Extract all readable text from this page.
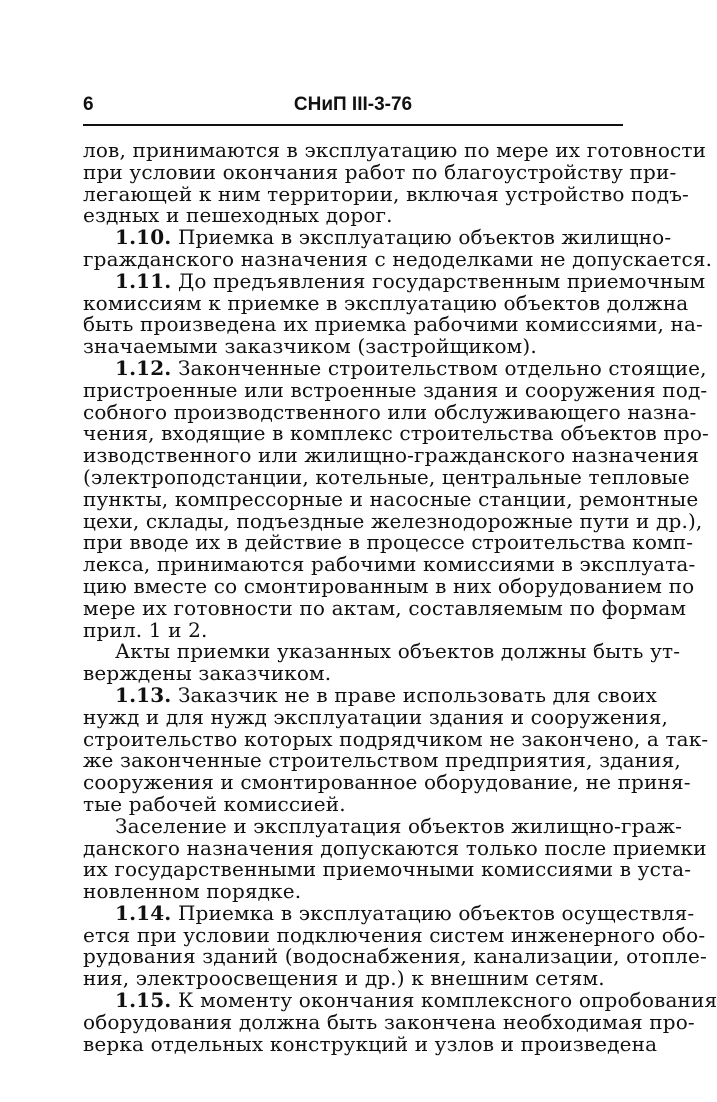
6	СНиП III-3-76
лов, принимаются в эксплуатацию по мере их готовности
при условии окончания работ по благоустройству при-
легающей к ним территории, включая устройство подъ-
ездных и пешеходных дорог.
1.10. Приемка в эксплуатацию объектов жилищно-
гражданского назначения с недоделками не допускается.
1.11. До предъявления государственным приемочным
комиссиям к приемке в эксплуатацию объектов должна
быть произведена их приемка рабочими комиссиями, на-
значаемыми заказчиком (застройщиком).
1.12. Законченные строительством отдельно стоящие,
пристроенные или встроенные здания и сооружения под-
собного производственного или обслуживающего назна-
чения, входящие в комплекс строительства объектов про-
изводственного или жилищно-гражданского назначения
(электроподстанции, котельные, центральные тепловые
пункты, компрессорные и насосные станции, ремонтные
цехи, склады, подъездные железнодорожные пути и др.),
при вводе их в действие в процессе строительства комп-
лекса, принимаются рабочими комиссиями в эксплуата-
цию вместе со смонтированным в них оборудованием по
мере их готовности по актам, составляемым по формам
прил. 1 и 2.
Акты приемки указанных объектов должны быть ут-
верждены заказчиком.
1.13. Заказчик не в праве использовать для своих
нужд и для нужд эксплуатации здания и сооружения,
строительство которых подрядчиком не закончено, а так-
же законченные строительством предприятия, здания,
сооружения и смонтированное оборудование, не приня-
тые рабочей комиссией.
Заселение и эксплуатация объектов жилищно-граж-
данского назначения допускаются только после приемки
их государственными приемочными комиссиями в уста-
новленном порядке.
1.14. Приемка в эксплуатацию объектов осуществля-
ется при условии подключения систем инженерного обо-
рудования зданий (водоснабжения, канализации, отопле-
ния, электроосвещения и др.) к внешним сетям.
1.15. К моменту окончания комплексного опробования
оборудования должна быть закончена необходимая про-
верка отдельных конструкций и узлов и произведена
